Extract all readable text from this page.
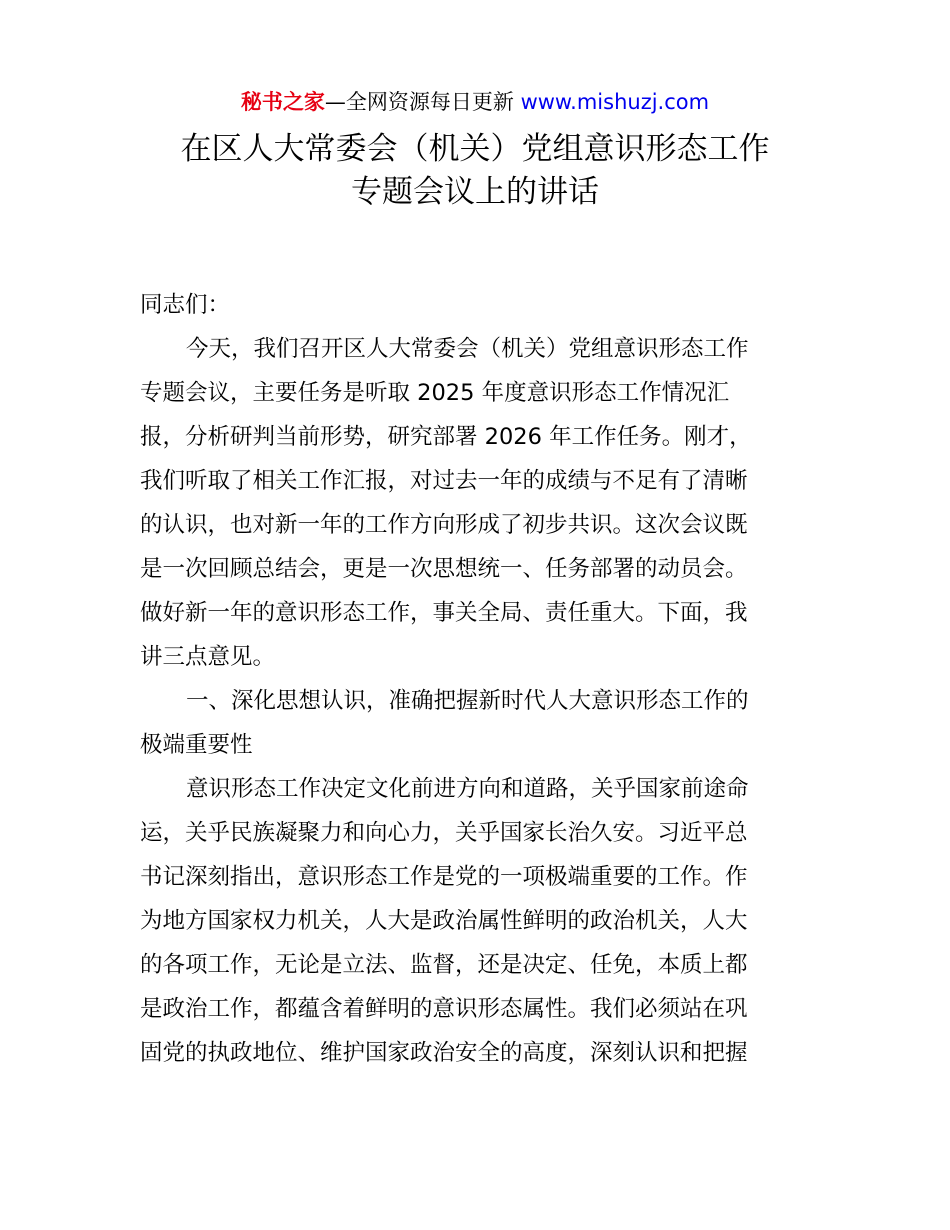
秘书之家—全网资源每日更新 www.mishuzj.com
在区人大常委会（机关）党组意识形态工作
专题会议上的讲话
同志们：
今天，我们召开区人大常委会（机关）党组意识形态工作
专题会议，主要任务是听取 2025 年度意识形态工作情况汇
报，分析研判当前形势，研究部署 2026 年工作任务。刚才，
我们听取了相关工作汇报，对过去一年的成绩与不足有了清晰
的认识，也对新一年的工作方向形成了初步共识。这次会议既
是一次回顾总结会，更是一次思想统一、任务部署的动员会。
做好新一年的意识形态工作，事关全局、责任重大。下面，我
讲三点意见。
一、深化思想认识，准确把握新时代人大意识形态工作的
极端重要性
意识形态工作决定文化前进方向和道路，关乎国家前途命
运，关乎民族凝聚力和向心力，关乎国家长治久安。习近平总
书记深刻指出，意识形态工作是党的一项极端重要的工作。作
为地方国家权力机关，人大是政治属性鲜明的政治机关，人大
的各项工作，无论是立法、监督，还是决定、任免，本质上都
是政治工作，都蕴含着鲜明的意识形态属性。我们必须站在巩
固党的执政地位、维护国家政治安全的高度，深刻认识和把握
